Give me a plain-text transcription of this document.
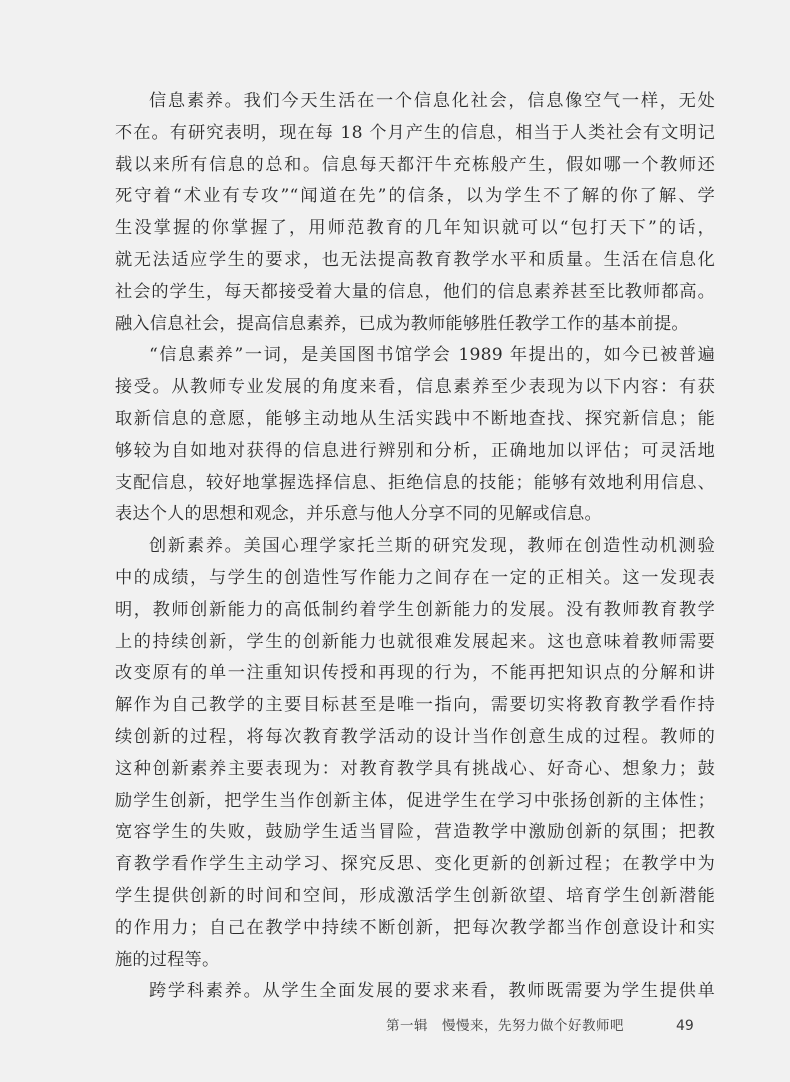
信息素养。我们今天生活在一个信息化社会，信息像空气一样，无处
不在。有研究表明，现在每 18 个月产生的信息，相当于人类社会有文明记
载以来所有信息的总和。信息每天都汗牛充栋般产生，假如哪一个教师还
死守着“术业有专攻”“闻道在先”的信条，以为学生不了解的你了解、学
生没掌握的你掌握了，用师范教育的几年知识就可以“包打天下”的话，
就无法适应学生的要求，也无法提高教育教学水平和质量。生活在信息化
社会的学生，每天都接受着大量的信息，他们的信息素养甚至比教师都高。
融入信息社会，提高信息素养，已成为教师能够胜任教学工作的基本前提。
“信息素养”一词，是美国图书馆学会 1989 年提出的，如今已被普遍
接受。从教师专业发展的角度来看，信息素养至少表现为以下内容：有获
取新信息的意愿，能够主动地从生活实践中不断地查找、探究新信息；能
够较为自如地对获得的信息进行辨别和分析，正确地加以评估；可灵活地
支配信息，较好地掌握选择信息、拒绝信息的技能；能够有效地利用信息、
表达个人的思想和观念，并乐意与他人分享不同的见解或信息。
创新素养。美国心理学家托兰斯的研究发现，教师在创造性动机测验
中的成绩，与学生的创造性写作能力之间存在一定的正相关。这一发现表
明，教师创新能力的高低制约着学生创新能力的发展。没有教师教育教学
上的持续创新，学生的创新能力也就很难发展起来。这也意味着教师需要
改变原有的单一注重知识传授和再现的行为，不能再把知识点的分解和讲
解作为自己教学的主要目标甚至是唯一指向，需要切实将教育教学看作持
续创新的过程，将每次教育教学活动的设计当作创意生成的过程。教师的
这种创新素养主要表现为：对教育教学具有挑战心、好奇心、想象力；鼓
励学生创新，把学生当作创新主体，促进学生在学习中张扬创新的主体性；
宽容学生的失败，鼓励学生适当冒险，营造教学中激励创新的氛围；把教
育教学看作学生主动学习、探究反思、变化更新的创新过程；在教学中为
学生提供创新的时间和空间，形成激活学生创新欲望、培育学生创新潜能
的作用力；自己在教学中持续不断创新，把每次教学都当作创意设计和实
施的过程等。
跨学科素养。从学生全面发展的要求来看，教师既需要为学生提供单
第一辑　慢慢来，先努力做个好教师吧	49
